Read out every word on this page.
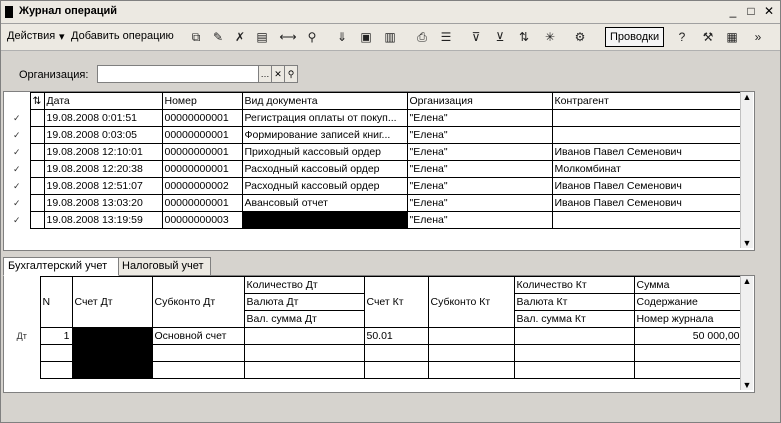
Журнал операций	_ □ ✕
Действия ▾ Добавить операцию	⧉	✎ ✗ ▤ ⟷ ⚲	⇓	▣ ▥	⎙	☰	⊽	⊻	⇅	✳	⚙	Проводки	?	⚒	▦	»
Организация:	… ✕ ⚲
	⇅	Дата	Номер	Вид документа	Организация	Контрагент
✓		19.08.2008 0:01:51	00000000001	Регистрация оплаты от покуп...	"Елена"	
✓		19.08.2008 0:03:05	00000000001	Формирование записей книг...	"Елена"	
✓		19.08.2008 12:10:01	00000000001	Приходный кассовый ордер	"Елена"	Иванов Павел Семенович
✓		19.08.2008 12:20:38	00000000001	Расходный кассовый ордер	"Елена"	Молкомбинат
✓		19.08.2008 12:51:07	00000000002	Расходный кассовый ордер	"Елена"	Иванов Павел Семенович
✓		19.08.2008 13:03:20	00000000001	Авансовый отчет	"Елена"	Иванов Павел Семенович
✓		19.08.2008 13:19:59	00000000003	Расходный кассовый ордер	"Елена"	
▲
▼
Бухгалтерский учет	Налоговый учет
	N	Счет Дт	Субконто Дт	Количество Дт	Счет Кт	Субконто Кт	Количество Кт	Сумма
				Валюта Дт			Валюта Кт	Содержание
				Вал. сумма Дт			Вал. сумма Кт	Номер журнала
Дт	1		Основной счет		50.01			50 000,00

▲
▼
